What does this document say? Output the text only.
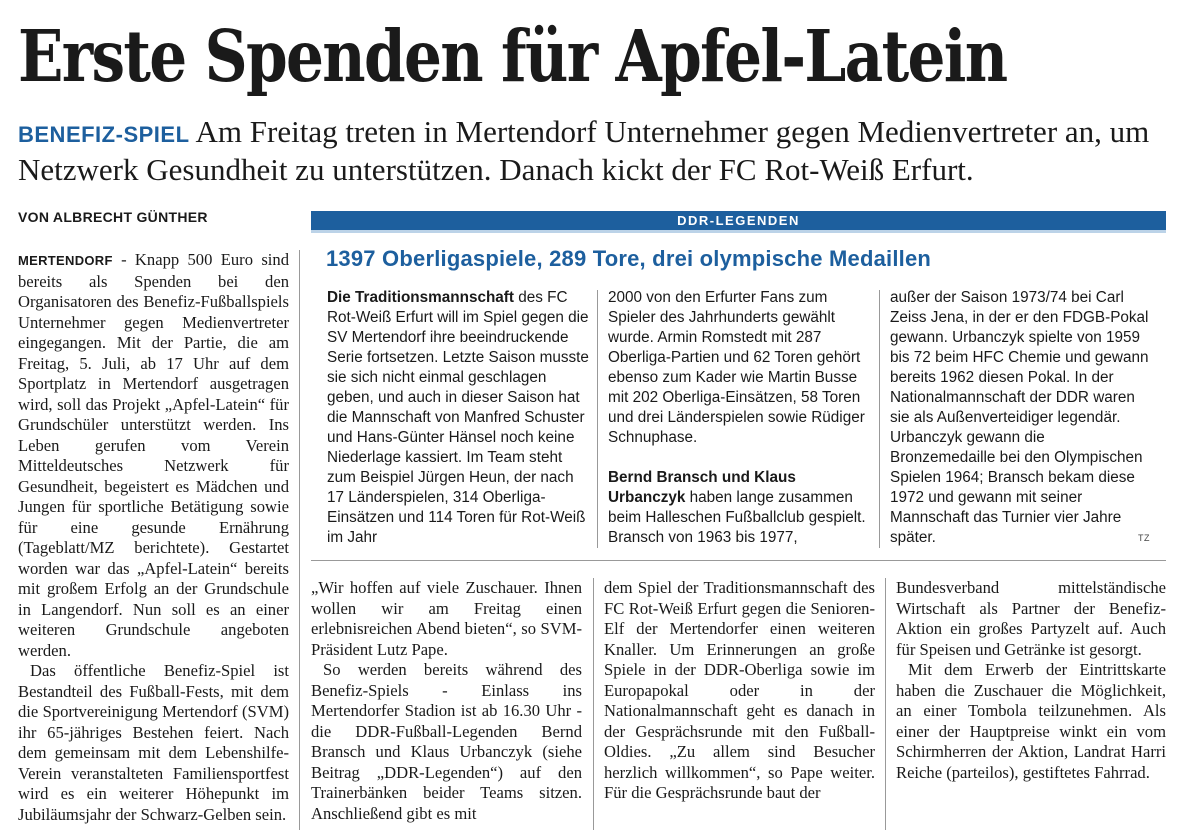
Erste Spenden für Apfel-Latein
BENEFIZ-SPIEL Am Freitag treten in Mertendorf Unternehmer gegen Medienvertreter an, um Netzwerk Gesundheit zu unterstützen. Danach kickt der FC Rot-Weiß Erfurt.
VON ALBRECHT GÜNTHER

MERTENDORF - Knapp 500 Euro sind bereits als Spenden bei den Organisatoren des Benefiz-Fußballspiels Unternehmer gegen Medienvertreter eingegangen. Mit der Partie, die am Freitag, 5. Juli, ab 17 Uhr auf dem Sportplatz in Mertendorf ausgetragen wird, soll das Projekt „Apfel-Latein“ für Grundschüler unterstützt werden. Ins Leben gerufen vom Verein Mitteldeutsches Netzwerk für Gesundheit, begeistert es Mädchen und Jungen für sportliche Betätigung sowie für eine gesunde Ernährung (Tageblatt/MZ berichtete). Gestartet worden war das „Apfel-Latein“ bereits mit großem Erfolg an der Grundschule in Langendorf. Nun soll es an einer weiteren Grundschule angeboten werden.

Das öffentliche Benefiz-Spiel ist Bestandteil des Fußball-Fests, mit dem die Sportvereinigung Mertendorf (SVM) ihr 65-jähriges Bestehen feiert. Nach dem gemeinsam mit dem Lebenshilfe-Verein veranstalteten Familiensportfest wird es ein weiterer Höhepunkt im Jubiläumsjahr der Schwarz-Gelben sein.

DDR-LEGENDEN
1397 Oberligaspiele, 289 Tore, drei olympische Medaillen

Die Traditionsmannschaft des FC Rot-Weiß Erfurt will im Spiel gegen die SV Mertendorf ihre beeindruckende Serie fortsetzen. Letzte Saison musste sie sich nicht einmal geschlagen geben, und auch in dieser Saison hat die Mannschaft von Manfred Schuster und Hans-Günter Hänsel noch keine Niederlage kassiert. Im Team steht zum Beispiel Jürgen Heun, der nach 17 Länderspielen, 314 Oberliga-Einsätzen und 114 Toren für Rot-Weiß im Jahr

2000 von den Erfurter Fans zum Spieler des Jahrhunderts gewählt wurde. Armin Romstedt mit 287 Oberliga-Partien und 62 Toren gehört ebenso zum Kader wie Martin Busse mit 202 Oberliga-Einsätzen, 58 Toren und drei Länderspielen sowie Rüdiger Schnuphase.

Bernd Bransch und Klaus Urbanczyk haben lange zusammen beim Halleschen Fußballclub gespielt. Bransch von 1963 bis 1977,

außer der Saison 1973/74 bei Carl Zeiss Jena, in der er den FDGB-Pokal gewann. Urbanczyk spielte von 1959 bis 72 beim HFC Chemie und gewann bereits 1962 diesen Pokal. In der Nationalmannschaft der DDR waren sie als Außenverteidiger legendär. Urbanczyk gewann die Bronzemedaille bei den Olympischen Spielen 1964; Bransch bekam diese 1972 und gewann mit seiner Mannschaft das Turnier vier Jahre später.	TZ

„Wir hoffen auf viele Zuschauer. Ihnen wollen wir am Freitag einen erlebnisreichen Abend bieten“, so SVM-Präsident Lutz Pape.

So werden bereits während des Benefiz-Spiels - Einlass ins Mertendorfer Stadion ist ab 16.30 Uhr - die DDR-Fußball-Legenden Bernd Bransch und Klaus Urbanczyk (siehe Beitrag „DDR-Legenden“) auf den Trainerbänken beider Teams sitzen. Anschließend gibt es mit

dem Spiel der Traditionsmannschaft des FC Rot-Weiß Erfurt gegen die Senioren-Elf der Mertendorfer einen weiteren Knaller. Um Erinnerungen an große Spiele in der DDR-Oberliga sowie im Europapokal oder in der Nationalmannschaft geht es danach in der Gesprächsrunde mit den Fußball-Oldies. „Zu allem sind Besucher herzlich willkommen“, so Pape weiter. Für die Gesprächsrunde baut der

Bundesverband mittelständische Wirtschaft als Partner der Benefiz-Aktion ein großes Partyzelt auf. Auch für Speisen und Getränke ist gesorgt.

Mit dem Erwerb der Eintrittskarte haben die Zuschauer die Möglichkeit, an einer Tombola teilzunehmen. Als einer der Hauptpreise winkt ein vom Schirmherren der Aktion, Landrat Harri Reiche (parteilos), gestiftetes Fahrrad.
